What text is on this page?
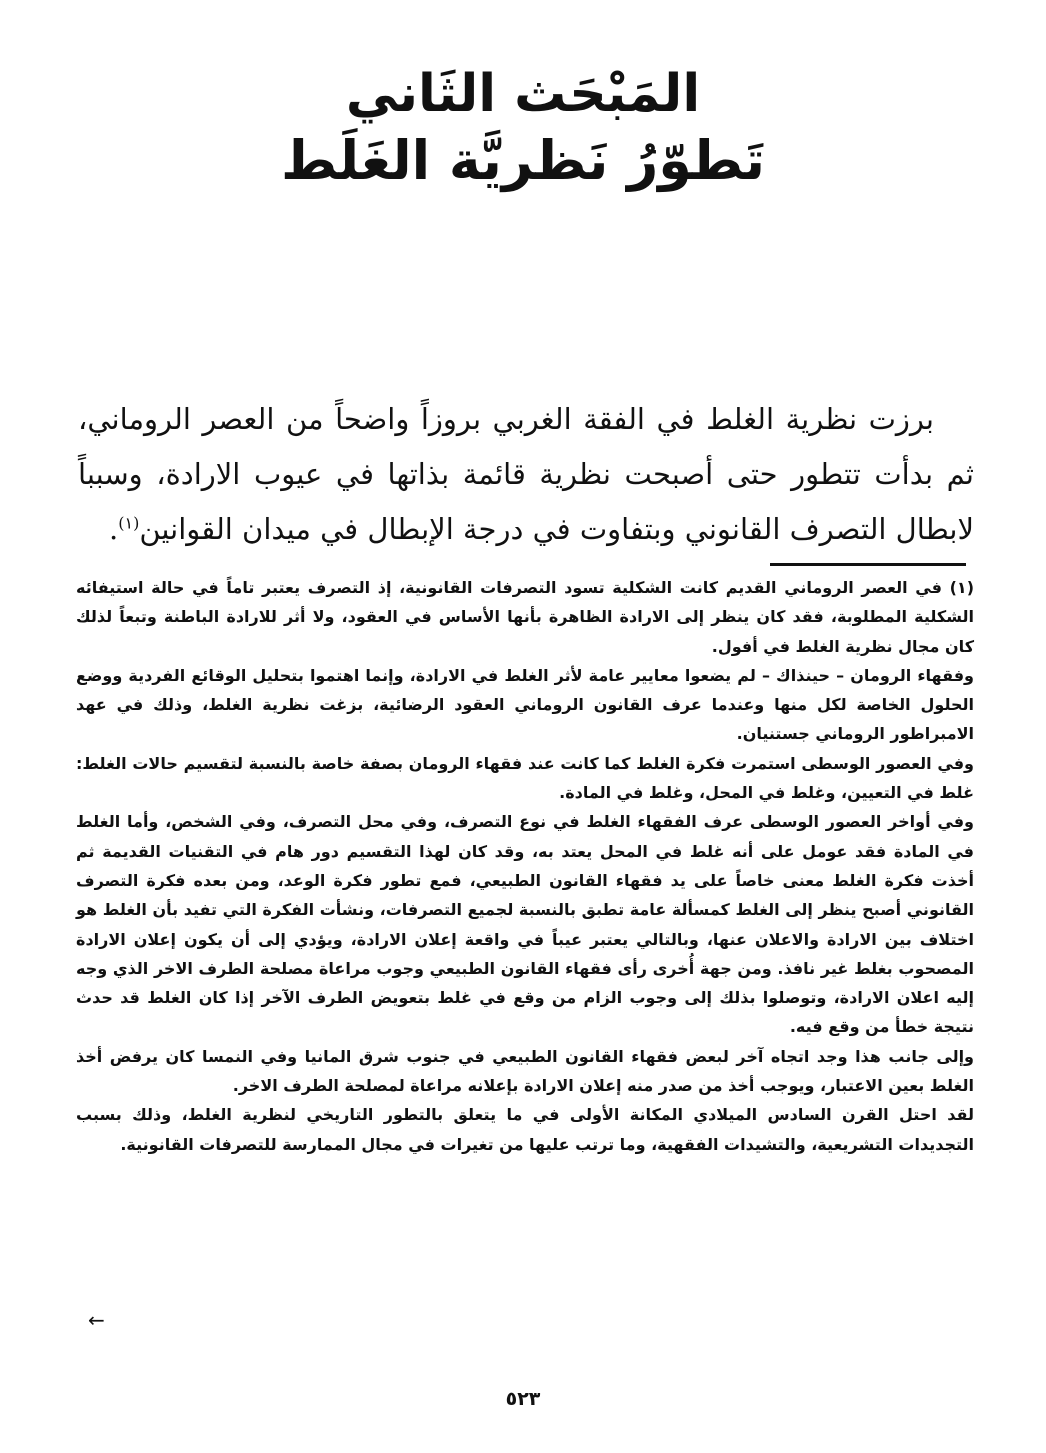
المَبْحَث الثَاني
تَطوّرُ نَظريَّة الغَلَط

برزت نظرية الغلط في الفقة الغربي بروزاً واضحاً من العصر الروماني، ثم بدأت تتطور حتى أصبحت نظرية قائمة بذاتها في عيوب الارادة، وسبباً لابطال التصرف القانوني وبتفاوت في درجة الإبطال في ميدان القوانين$^{(١)}$.

(١) في العصر الروماني القديم كانت الشكلية تسود التصرفات القانونية، إذ التصرف يعتبر تاماً في حالة استيفائه الشكلية المطلوبة، فقد كان ينظر إلى الارادة الظاهرة بأنها الأساس في العقود، ولا أثر للارادة الباطنة وتبعاً لذلك كان مجال نظرية الغلط في أفول.

وفقهاء الرومان – حينذاك – لم يضعوا معايير عامة لأثر الغلط في الارادة، وإنما اهتموا بتحليل الوقائع الفردية ووضع الحلول الخاصة لكل منها وعندما عرف القانون الروماني العقود الرضائية، بزغت نظرية الغلط، وذلك في عهد الامبراطور الروماني جستنيان.

وفي العصور الوسطى استمرت فكرة الغلط كما كانت عند فقهاء الرومان بصفة خاصة بالنسبة لتقسيم حالات الغلط: غلط في التعيين، وغلط في المحل، وغلط في المادة.

وفي أواخر العصور الوسطى عرف الفقهاء الغلط في نوع التصرف، وفي محل التصرف، وفي الشخص، وأما الغلط في المادة فقد عومل على أنه غلط في المحل يعتد به، وقد كان لهذا التقسيم دور هام في التقنيات القديمة ثم أخذت فكرة الغلط معنى خاصاً على يد فقهاء القانون الطبيعي، فمع تطور فكرة الوعد، ومن بعده فكرة التصرف القانوني أصبح ينظر إلى الغلط كمسألة عامة تطبق بالنسبة لجميع التصرفات، ونشأت الفكرة التي تفيد بأن الغلط هو اختلاف بين الارادة والاعلان عنها، وبالتالي يعتبر عيباً في واقعة إعلان الارادة، ويؤدي إلى أن يكون إعلان الارادة المصحوب بغلط غير نافذ. ومن جهة أُخرى رأى فقهاء القانون الطبيعي وجوب مراعاة مصلحة الطرف الاخر الذي وجه إليه اعلان الارادة، وتوصلوا بذلك إلى وجوب الزام من وقع في غلط بتعويض الطرف الآخر إذا كان الغلط قد حدث نتيجة خطأ من وقع فيه.

وإلى جانب هذا وجد اتجاه آخر لبعض فقهاء القانون الطبيعي في جنوب شرق المانيا وفي النمسا كان يرفض أخذ الغلط بعين الاعتبار، ويوجب أخذ من صدر منه إعلان الارادة بإعلانه مراعاة لمصلحة الطرف الاخر.

لقد احتل القرن السادس الميلادي المكانة الأولى في ما يتعلق بالتطور التاريخي لنظرية الغلط، وذلك بسبب التجديدات التشريعية، والتشيدات الفقهية، وما ترتب عليها من تغيرات في مجال الممارسة للتصرفات القانونية.

←
٥٢٣
